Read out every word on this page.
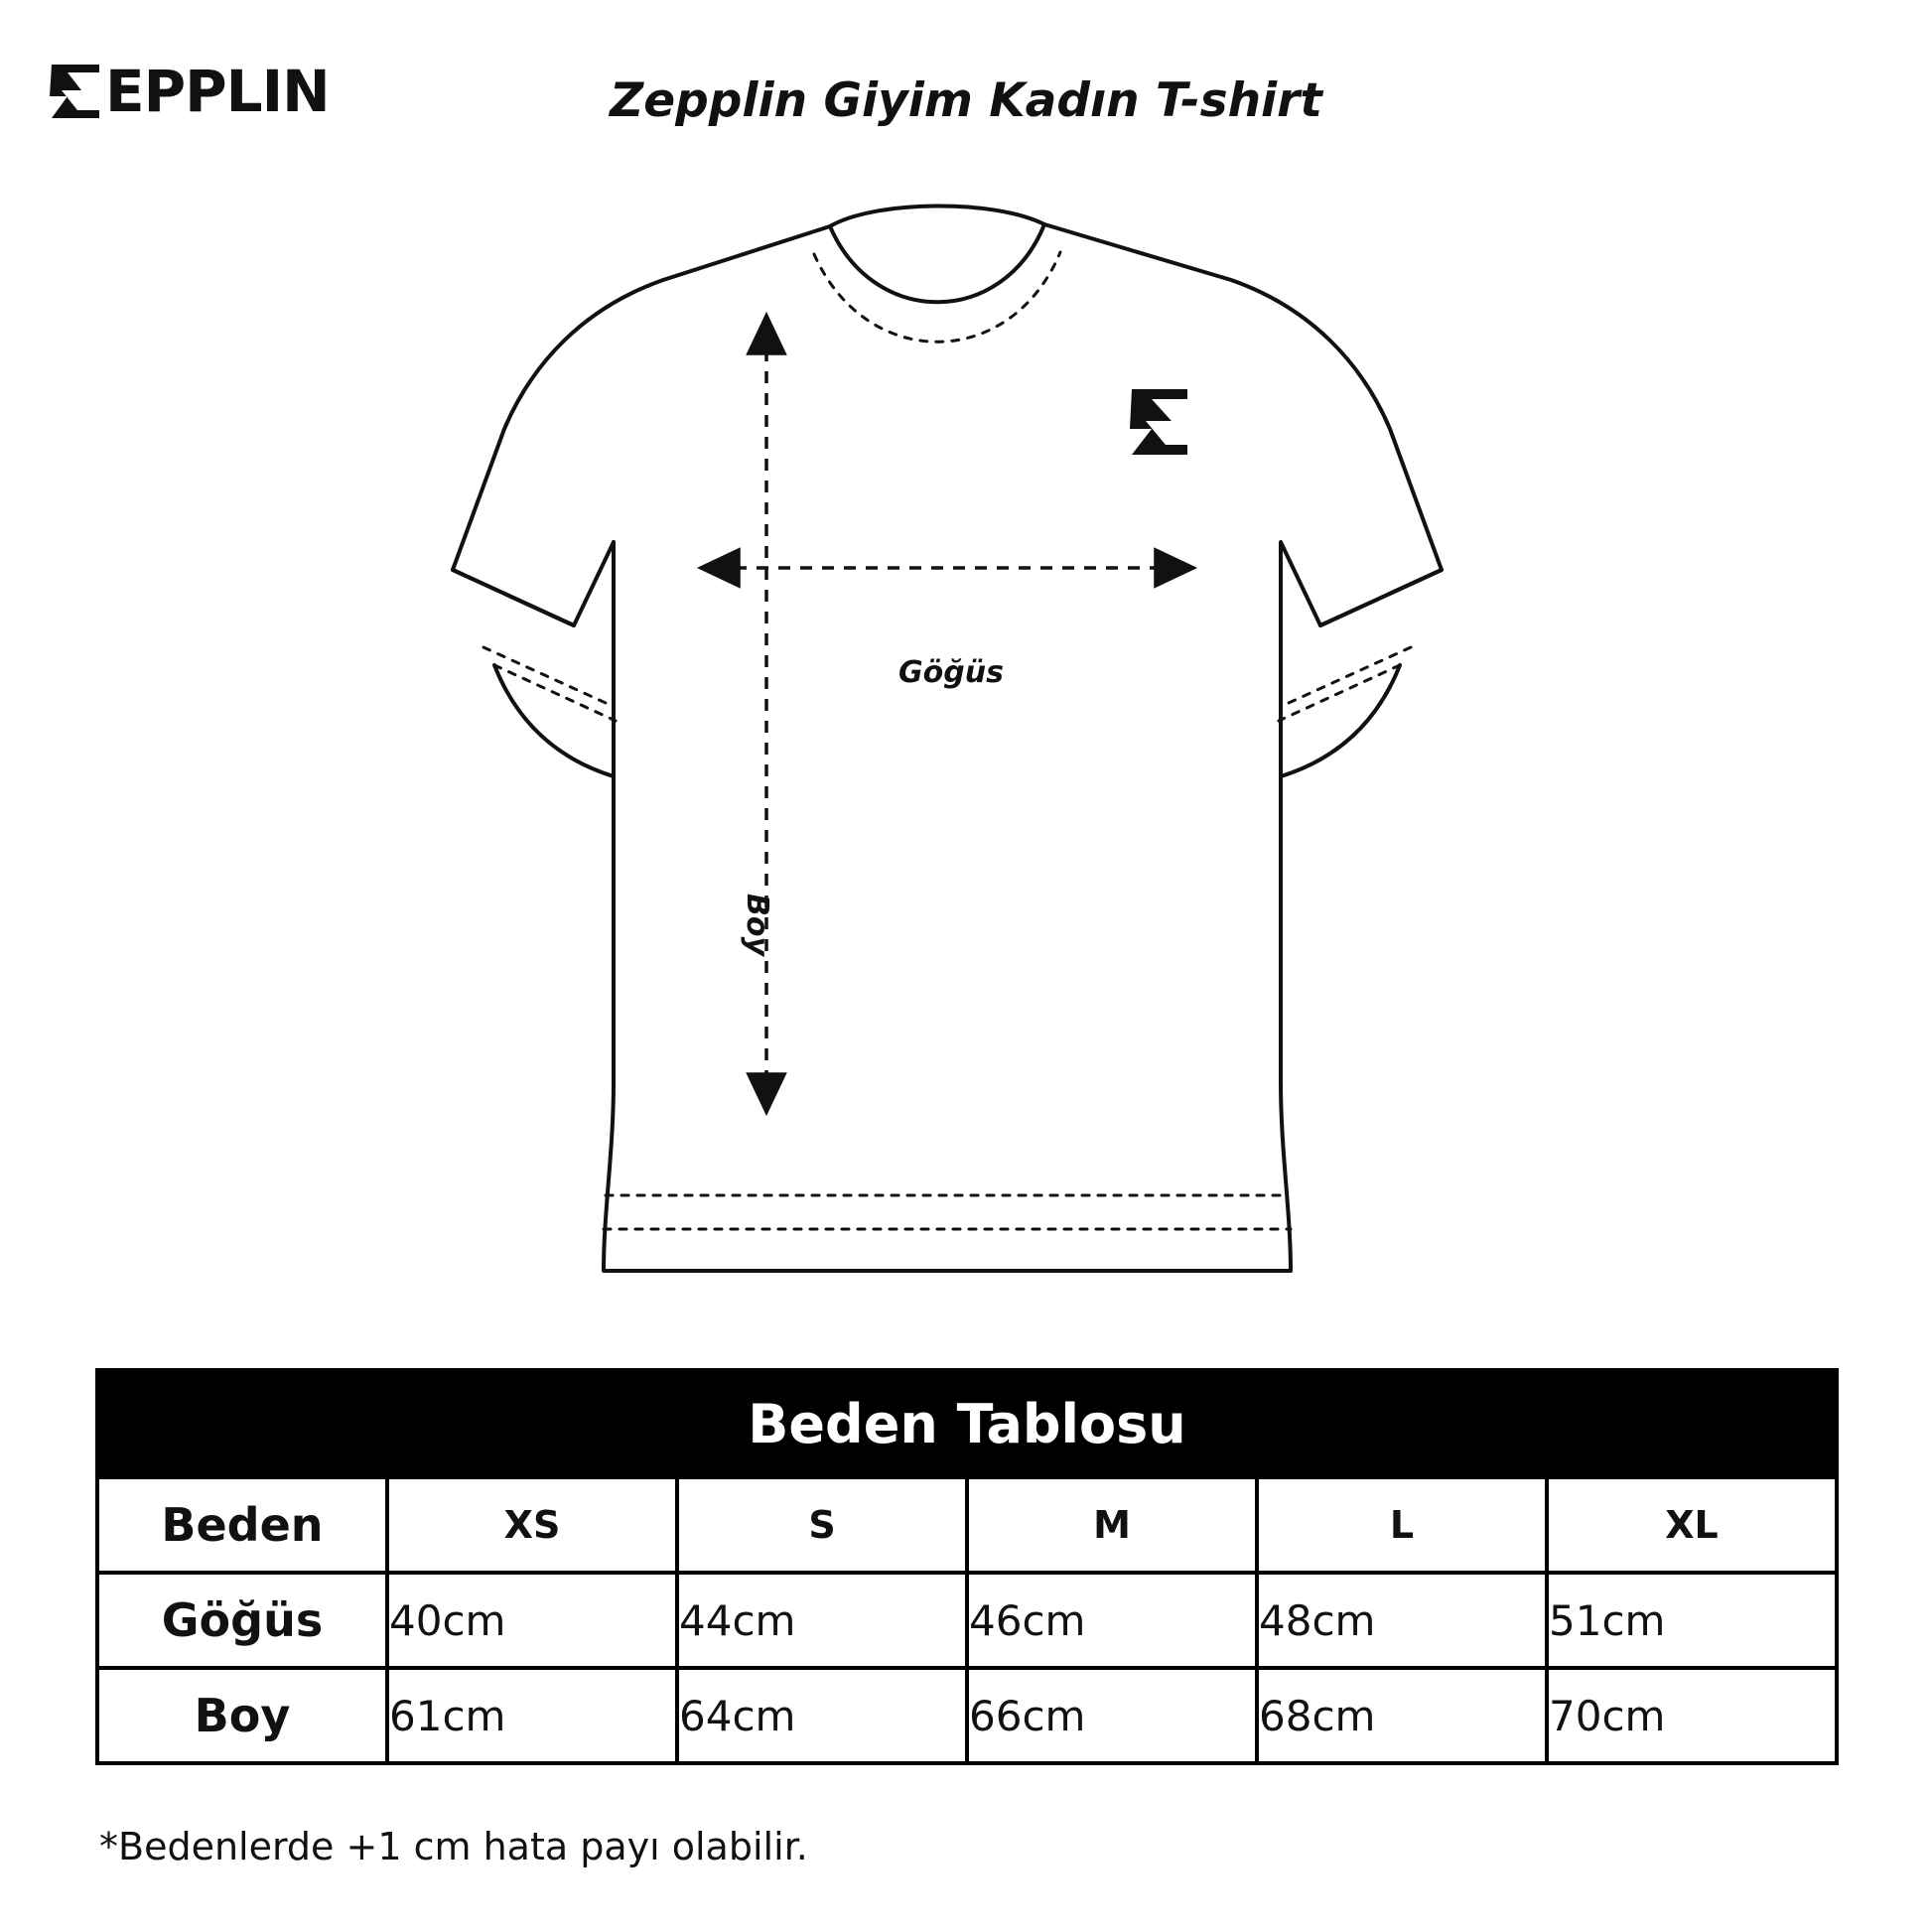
EPPLIN	Zepplin Giyim Kadın T-shirt
Göğüs
Boy
Beden Tablosu					
Beden	XS	S	M	L	XL
Göğüs	40cm	44cm	46cm	48cm	51cm
Boy	61cm	64cm	66cm	68cm	70cm
*Bedenlerde +1 cm hata payı olabilir.
